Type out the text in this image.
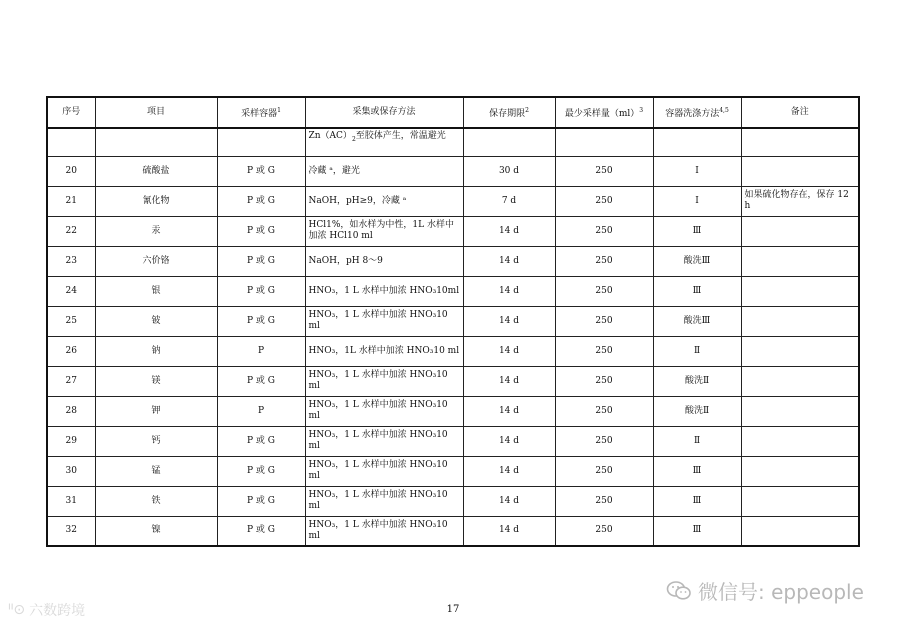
序号	项目	采样容器$^1$	采集或保存方法	保存期限$^2$	最少采样量（ml）$^3$	容器洗涤方法$^{4,5}$	备注
			$Zn(AC)_2$至胶体产生，常温避光				
20	硫酸盐	P 或 G	冷藏 ᵃ，避光	30 d	250	Ⅰ	
21	氰化物	P 或 G	NaOH，pH≥9，冷藏 ᵃ	7 d	250	Ⅰ	如果硫化物存在，保存 12 h
22	汞	P 或 G	HCl1%，如水样为中性，1L 水样中加浓 HCl10 ml	14 d	250	Ⅲ	
23	六价铬	P 或 G	NaOH，pH 8～9	14 d	250	酸洗Ⅲ	
24	银	P 或 G	HNO₃，1 L 水样中加浓 HNO₃10ml	14 d	250	Ⅲ	
25	铍	P 或 G	HNO₃，1 L 水样中加浓 HNO₃10 ml	14 d	250	酸洗Ⅲ	
26	钠	P	HNO₃，1L 水样中加浓 HNO₃10 ml	14 d	250	Ⅱ	
27	镁	P 或 G	HNO₃，1 L 水样中加浓 HNO₃10 ml	14 d	250	酸洗Ⅱ	
28	钾	P	HNO₃，1 L 水样中加浓 HNO₃10 ml	14 d	250	酸洗Ⅱ	
29	钙	P 或 G	HNO₃，1 L 水样中加浓 HNO₃10 ml	14 d	250	Ⅱ	
30	锰	P 或 G	HNO₃，1 L 水样中加浓 HNO₃10 ml	14 d	250	Ⅲ	
31	铁	P 或 G	HNO₃，1 L 水样中加浓 HNO₃10 ml	14 d	250	Ⅲ	
32	镍	P 或 G	HNO₃，1 L 水样中加浓 HNO₃10 ml	14 d	250	Ⅲ	
17
ᐦ⊙ 六数跨境
微信号: eppeople
